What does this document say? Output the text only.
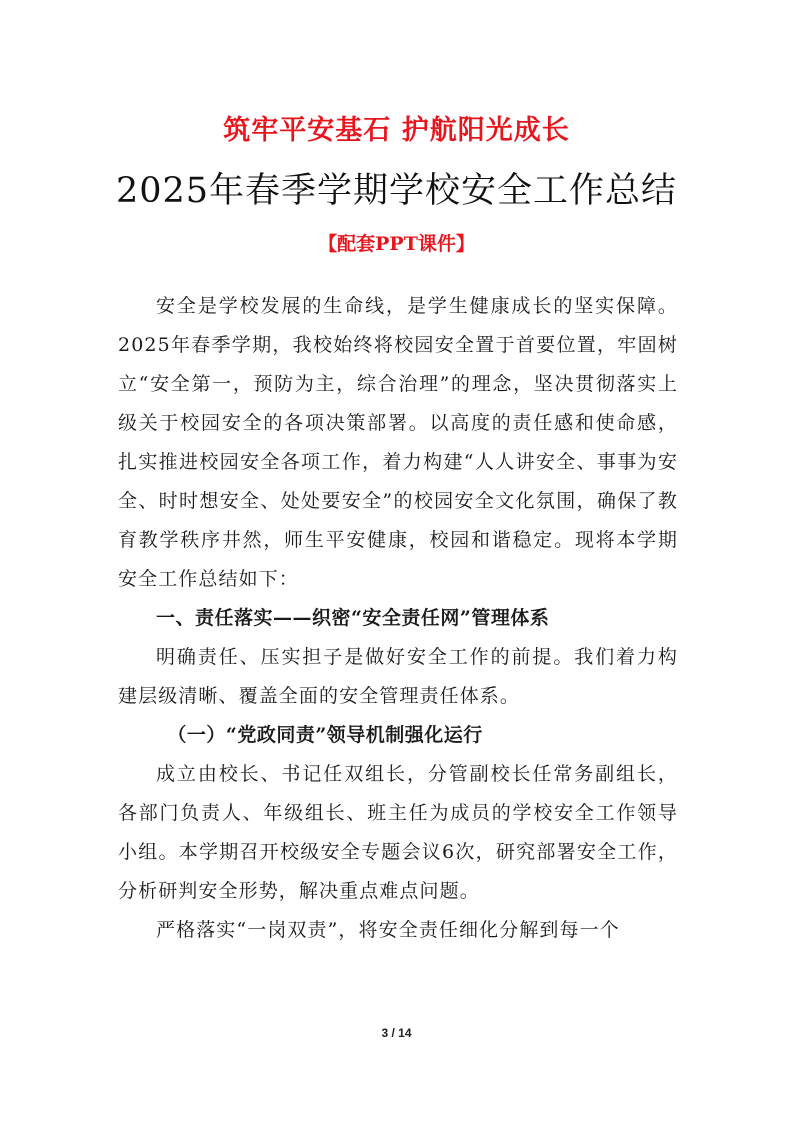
筑牢平安基石 护航阳光成长
2025年春季学期学校安全工作总结
【配套PPT课件】

安全是学校发展的生命线，是学生健康成长的坚实保障。2025年春季学期，我校始终将校园安全置于首要位置，牢固树立“安全第一，预防为主，综合治理”的理念，坚决贯彻落实上级关于校园安全的各项决策部署。以高度的责任感和使命感，扎实推进校园安全各项工作，着力构建“人人讲安全、事事为安全、时时想安全、处处要安全”的校园安全文化氛围，确保了教育教学秩序井然，师生平安健康，校园和谐稳定。现将本学期安全工作总结如下：

一、责任落实——织密“安全责任网”管理体系

明确责任、压实担子是做好安全工作的前提。我们着力构建层级清晰、覆盖全面的安全管理责任体系。

（一）“党政同责”领导机制强化运行

成立由校长、书记任双组长，分管副校长任常务副组长，各部门负责人、年级组长、班主任为成员的学校安全工作领导小组。本学期召开校级安全专题会议6次，研究部署安全工作，分析研判安全形势，解决重点难点问题。

严格落实“一岗双责”，将安全责任细化分解到每一个

3 / 14
